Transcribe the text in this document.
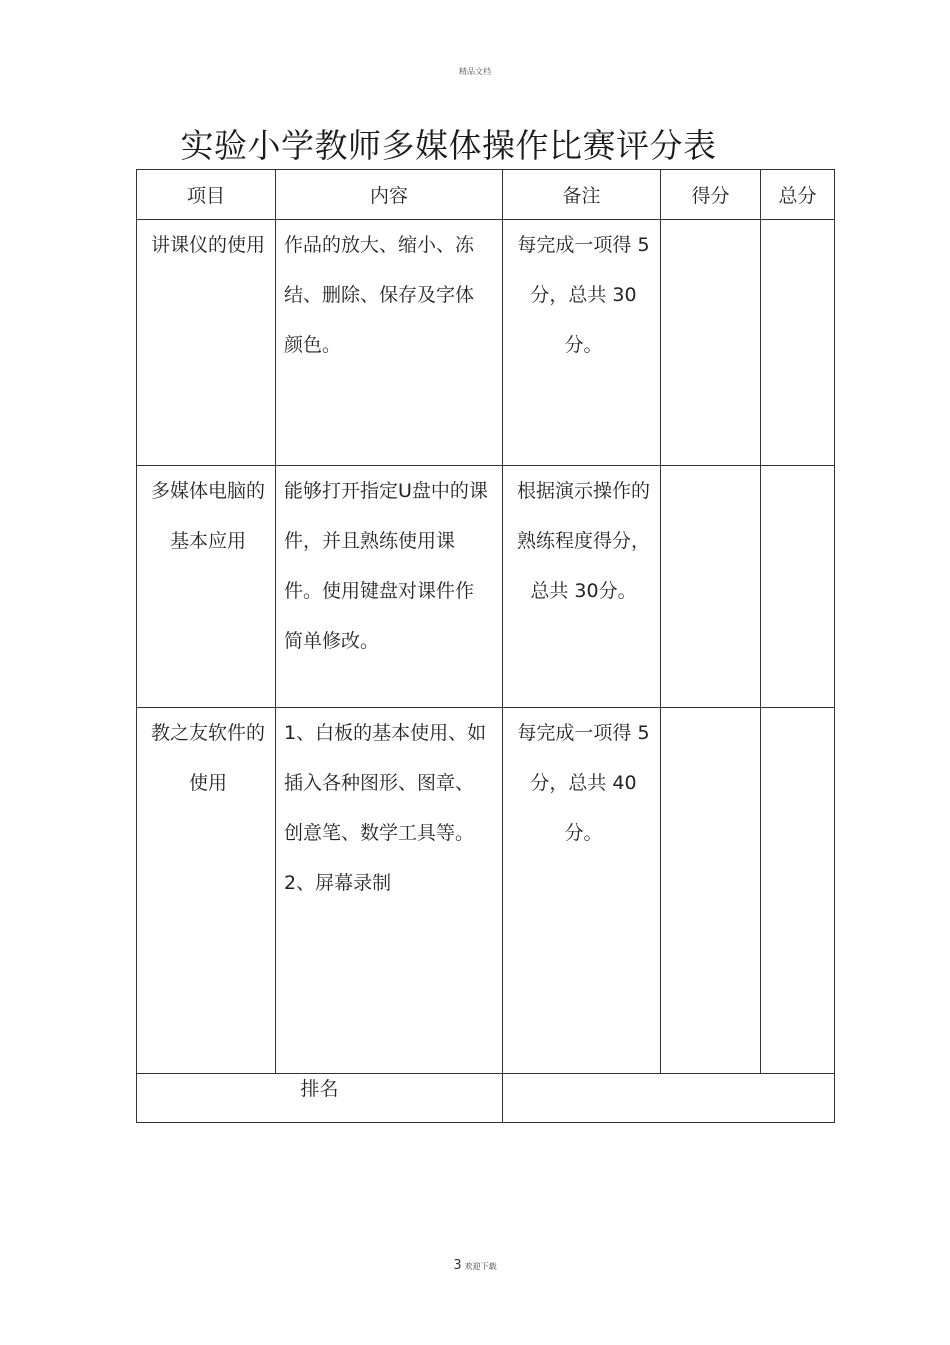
精品文档
实验小学教师多媒体操作比赛评分表
项目	内容	备注	得分	总分

讲课仪的使用	作品的放大、缩小、冻结、删除、保存及字体颜色。	每完成一项得 5分，总共 30 分。		

多媒体电脑的基本应用	能够打开指定U盘中的课件，并且熟练使用课件。使用键盘对课件作简单修改。	根据演示操作的熟练程度得分，总共 30分。		

教之友软件的使用	1、白板的基本使用、如插入各种图形、图章、创意笔、数学工具等。 2、屏幕录制	每完成一项得 5分，总共 40 分。		

排名				
3 欢迎下载
